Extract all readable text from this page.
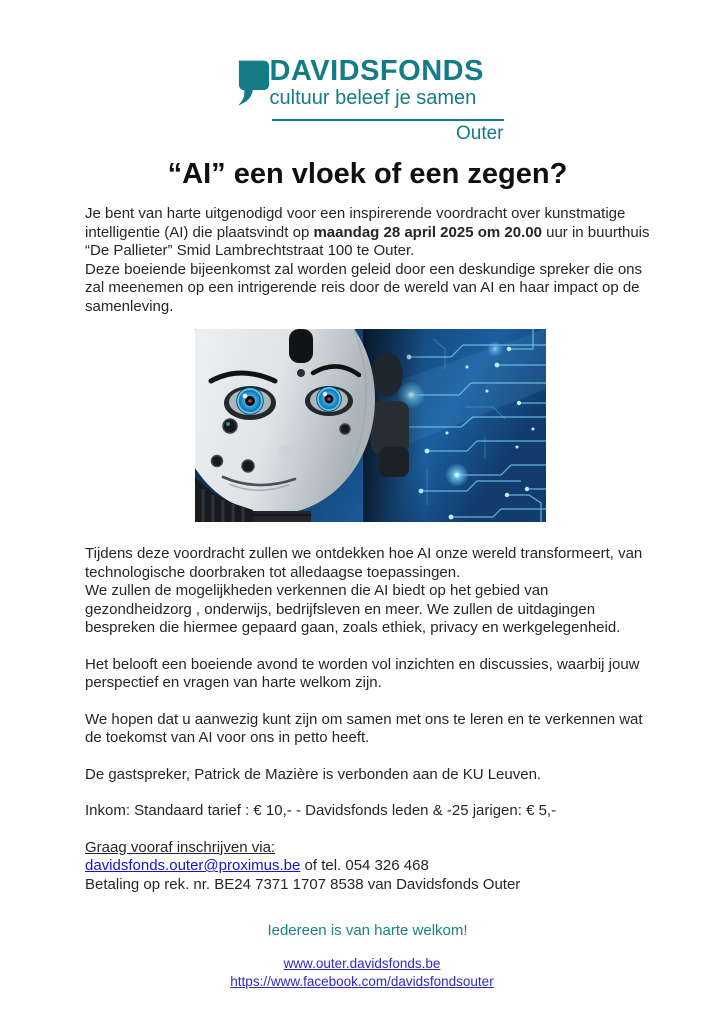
DAVIDSFONDS
cultuur beleef je samen
Outer
“AI” een vloek of een zegen?
Je bent van harte uitgenodigd voor een inspirerende voordracht over kunstmatige intelligentie (AI) die plaatsvindt op maandag 28 april 2025 om 20.00 uur in buurthuis “De Pallieter” Smid Lambrechtstraat 100 te Outer.
Deze boeiende bijeenkomst zal worden geleid door een deskundige spreker die ons zal meenemen op een intrigerende reis door de wereld van AI en haar impact op de samenleving.
Tijdens deze voordracht zullen we ontdekken hoe AI onze wereld transformeert, van technologische doorbraken tot alledaagse toepassingen.
We zullen de mogelijkheden verkennen die AI biedt op het gebied van gezondheidzorg , onderwijs, bedrijfsleven en meer. We zullen de uitdagingen bespreken die hiermee gepaard gaan, zoals ethiek, privacy en werkgelegenheid.
Het belooft een boeiende avond te worden vol inzichten en discussies, waarbij jouw perspectief en vragen van harte welkom zijn.
We hopen dat u aanwezig kunt zijn om samen met ons te leren en te verkennen wat de toekomst van AI voor ons in petto heeft.
De gastspreker, Patrick de Mazière is verbonden aan de KU Leuven.
Inkom: Standaard tarief : € 10,- - Davidsfonds leden & -25 jarigen: € 5,-
Graag vooraf inschrijven via:
davidsfonds.outer@proximus.be of tel. 054 326 468
Betaling op rek. nr. BE24 7371 1707 8538 van Davidsfonds Outer
Iedereen is van harte welkom!
www.outer.davidsfonds.be
https://www.facebook.com/davidsfondsouter
